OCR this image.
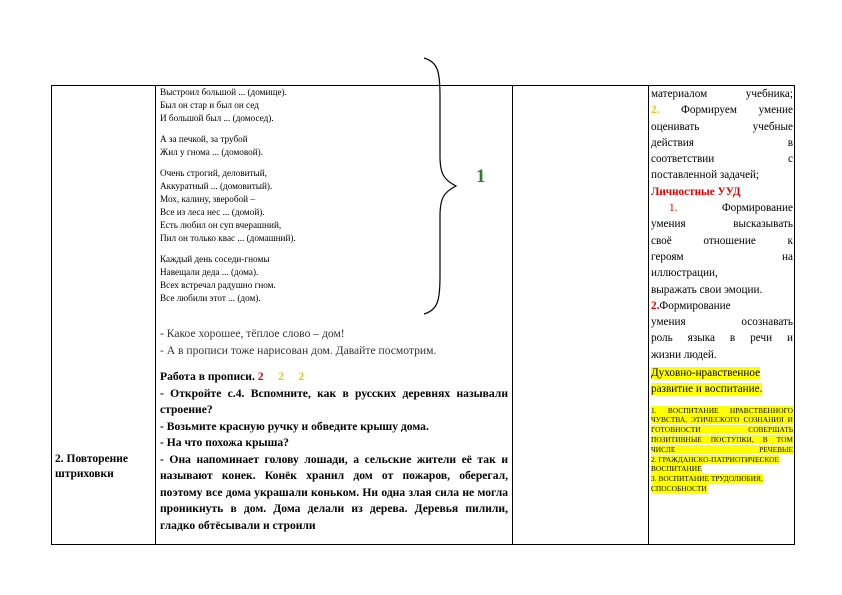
1
2. Повторение штриховки
Выстроил большой ... (домище).
Был он стар и был он сед
И большой был ... (домосед).
А за печкой, за трубой
Жил у гнома ... (домовой).
Очень строгий, деловитый,
Аккуратный ... (домовитый).
Мох, калину, зверобой –
Все из леса нес ... (домой).
Есть любил он суп вчерашний,
Пил он только квас ... (домашний).
Каждый день соседи-гномы
Навещали деда ... (дома).
Всех встречал радушно гном.
Все любили этот ... (дом).
- Какое хорошее, тёплое слово – дом!
- А в прописи тоже нарисован дом. Давайте посмотрим.
Работа в прописи. 2 2 2
- Откройте с.4. Вспомните, как в русских деревнях называли строение?
- Возьмите красную ручку и обведите крышу дома.
- На что похожа крыша?
- Она напоминает голову лошади, а сельские жители её так и называют конек. Конёк хранил дом от пожаров, оберегал, поэтому все дома украшали коньком. Ни одна злая сила не могла проникнуть в дом. Дома делали из дерева. Деревья пилили, гладко обтёсывали и строили

материалом учебника;

2. Формируем умение

оценивать учебные

действия в

соответствии с

поставленной задачей;

Личностные УУД

1. Формирование

умения высказывать

своё отношение к

героям на

иллюстрации,

выражать свои эмоции.

2.Формирование

умения осознавать

роль языка в речи и

жизни людей.

Духовно-нравственное

развитие и воспитание.

1. ВОСПИТАНИЕ НРАВСТВЕННОГО ЧУВСТВА, ЭТИЧЕСКОГО СОЗНАНИЯ И ГОТОВНОСТИ СОВЕРШАТЬ ПОЗИТИВНЫЕ ПОСТУПКИ, В ТОМ ЧИСЛЕ РЕЧЕВЫЕ
2. ГРАЖДАНСКО-ПАТРИОТИЧЕСКОЕ ВОСПИТАНИЕ
3. ВОСПИТАНИЕ ТРУДОЛЮБИЯ, СПОСОБНОСТИ
